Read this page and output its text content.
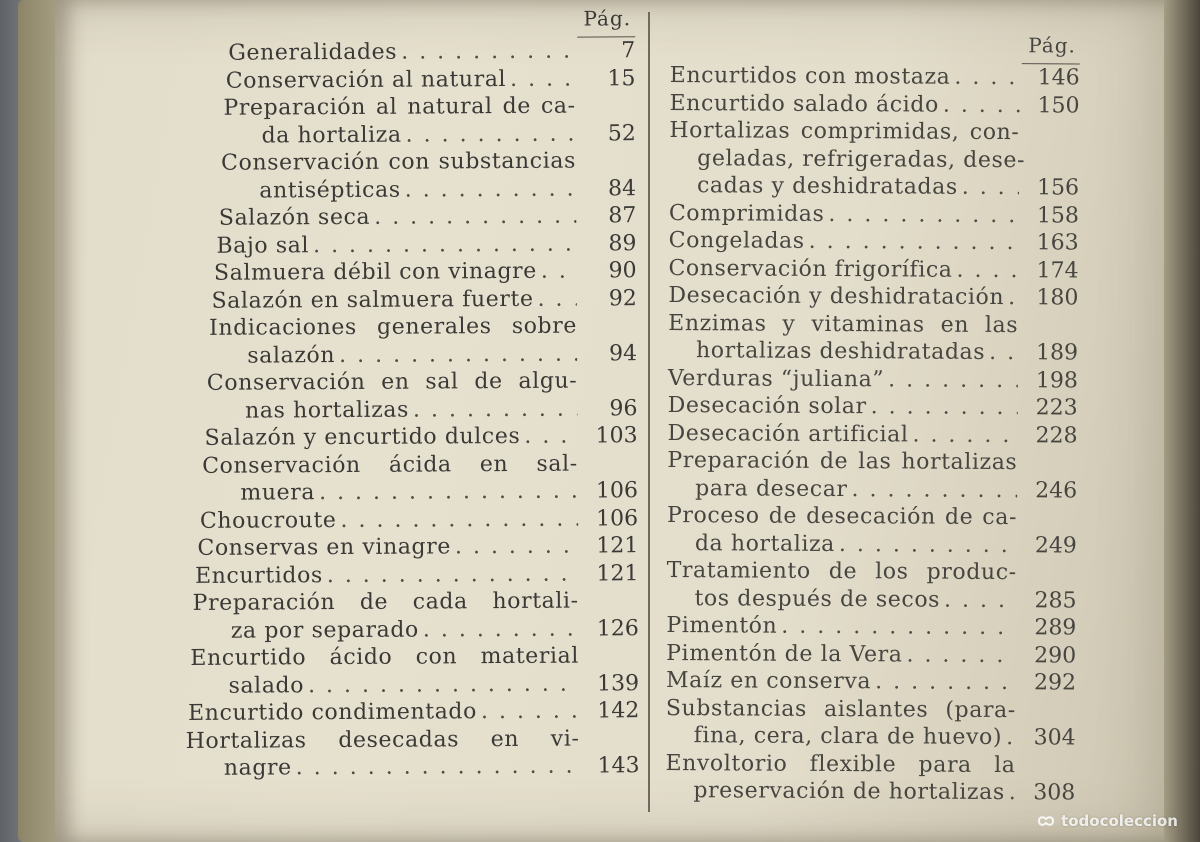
Pág.
Generalidades . . .	7
Conservación al natural . . .	15
Preparación al natural de ca-
da hortaliza . . .	52
Conservación con substancias
antisépticas . . .	84
Salazón seca . . .	87
Bajo sal . . .	89
Salmuera débil con vinagre . . .	90
Salazón en salmuera fuerte . . .	92
Indicaciones generales sobre
salazón . . .	94
Conservación en sal de algu-
nas hortalizas . . .	96
Salazón y encurtido dulces . . .	103
Conservación ácida en sal-
muera . . .	106
Choucroute . . .	106
Conservas en vinagre . . .	121
Encurtidos . . .	121
Preparación de cada hortali-
za por separado . . .	126
Encurtido ácido con material
salado . . .	139
Encurtido condimentado . . .	142
Hortalizas desecadas en vi-
nagre . . .	143
Pág.
Encurtidos con mostaza . . .	146
Encurtido salado ácido . . .	150
Hortalizas comprimidas, con-
geladas, refrigeradas, dese-
cadas y deshidratadas . . .	156
Comprimidas . . .	158
Congeladas . . .	163
Conservación frigorífica . . .	174
Desecación y deshidratación . . .	180
Enzimas y vitaminas en las
hortalizas deshidratadas . . .	189
Verduras “juliana” . . .	198
Desecación solar . . .	223
Desecación artificial . . .	228
Preparación de las hortalizas
para desecar . . .	246
Proceso de desecación de ca-
da hortaliza . . .	249
Tratamiento de los produc-
tos después de secos . . .	285
Pimentón . . .	289
Pimentón de la Vera . . .	290
Maíz en conserva . . .	292
Substancias aislantes (para-
fina, cera, clara de huevo) . . .	304
Envoltorio flexible para la
preservación de hortalizas . . .	308
todocoleccion
